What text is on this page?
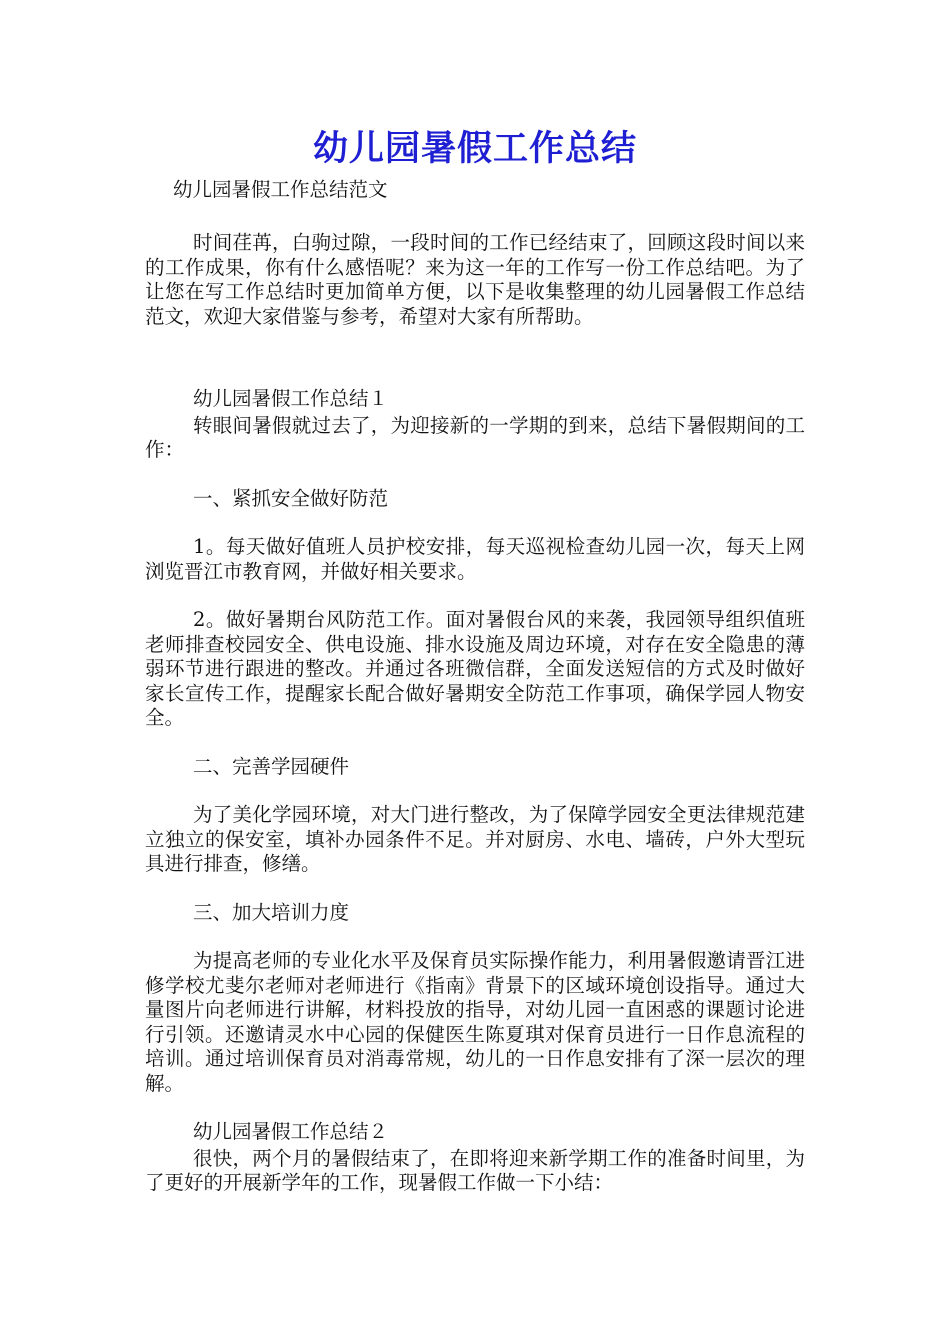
幼儿园暑假工作总结
幼儿园暑假工作总结范文

时间荏苒，白驹过隙，一段时间的工作已经结束了，回顾这段时间以来的工作成果，你有什么感悟呢？来为这一年的工作写一份工作总结吧。为了让您在写工作总结时更加简单方便，以下是收集整理的幼儿园暑假工作总结范文，欢迎大家借鉴与参考，希望对大家有所帮助。

幼儿园暑假工作总结１

转眼间暑假就过去了，为迎接新的一学期的到来，总结下暑假期间的工作：

一、紧抓安全做好防范

1。每天做好值班人员护校安排，每天巡视检查幼儿园一次，每天上网浏览晋江市教育网，并做好相关要求。

2。做好暑期台风防范工作。面对暑假台风的来袭，我园领导组织值班老师排查校园安全、供电设施、排水设施及周边环境，对存在安全隐患的薄弱环节进行跟进的整改。并通过各班微信群，全面发送短信的方式及时做好家长宣传工作，提醒家长配合做好暑期安全防范工作事项，确保学园人物安全。

二、完善学园硬件

为了美化学园环境，对大门进行整改，为了保障学园安全更法律规范建立独立的保安室，填补办园条件不足。并对厨房、水电、墙砖，户外大型玩具进行排查，修缮。

三、加大培训力度

为提高老师的专业化水平及保育员实际操作能力，利用暑假邀请晋江进修学校尤斐尔老师对老师进行《指南》背景下的区域环境创设指导。通过大量图片向老师进行讲解，材料投放的指导，对幼儿园一直困惑的课题讨论进行引领。还邀请灵水中心园的保健医生陈夏琪对保育员进行一日作息流程的培训。通过培训保育员对消毒常规，幼儿的一日作息安排有了深一层次的理解。

幼儿园暑假工作总结２

很快，两个月的暑假结束了，在即将迎来新学期工作的准备时间里，为了更好的开展新学年的工作，现暑假工作做一下小结：
